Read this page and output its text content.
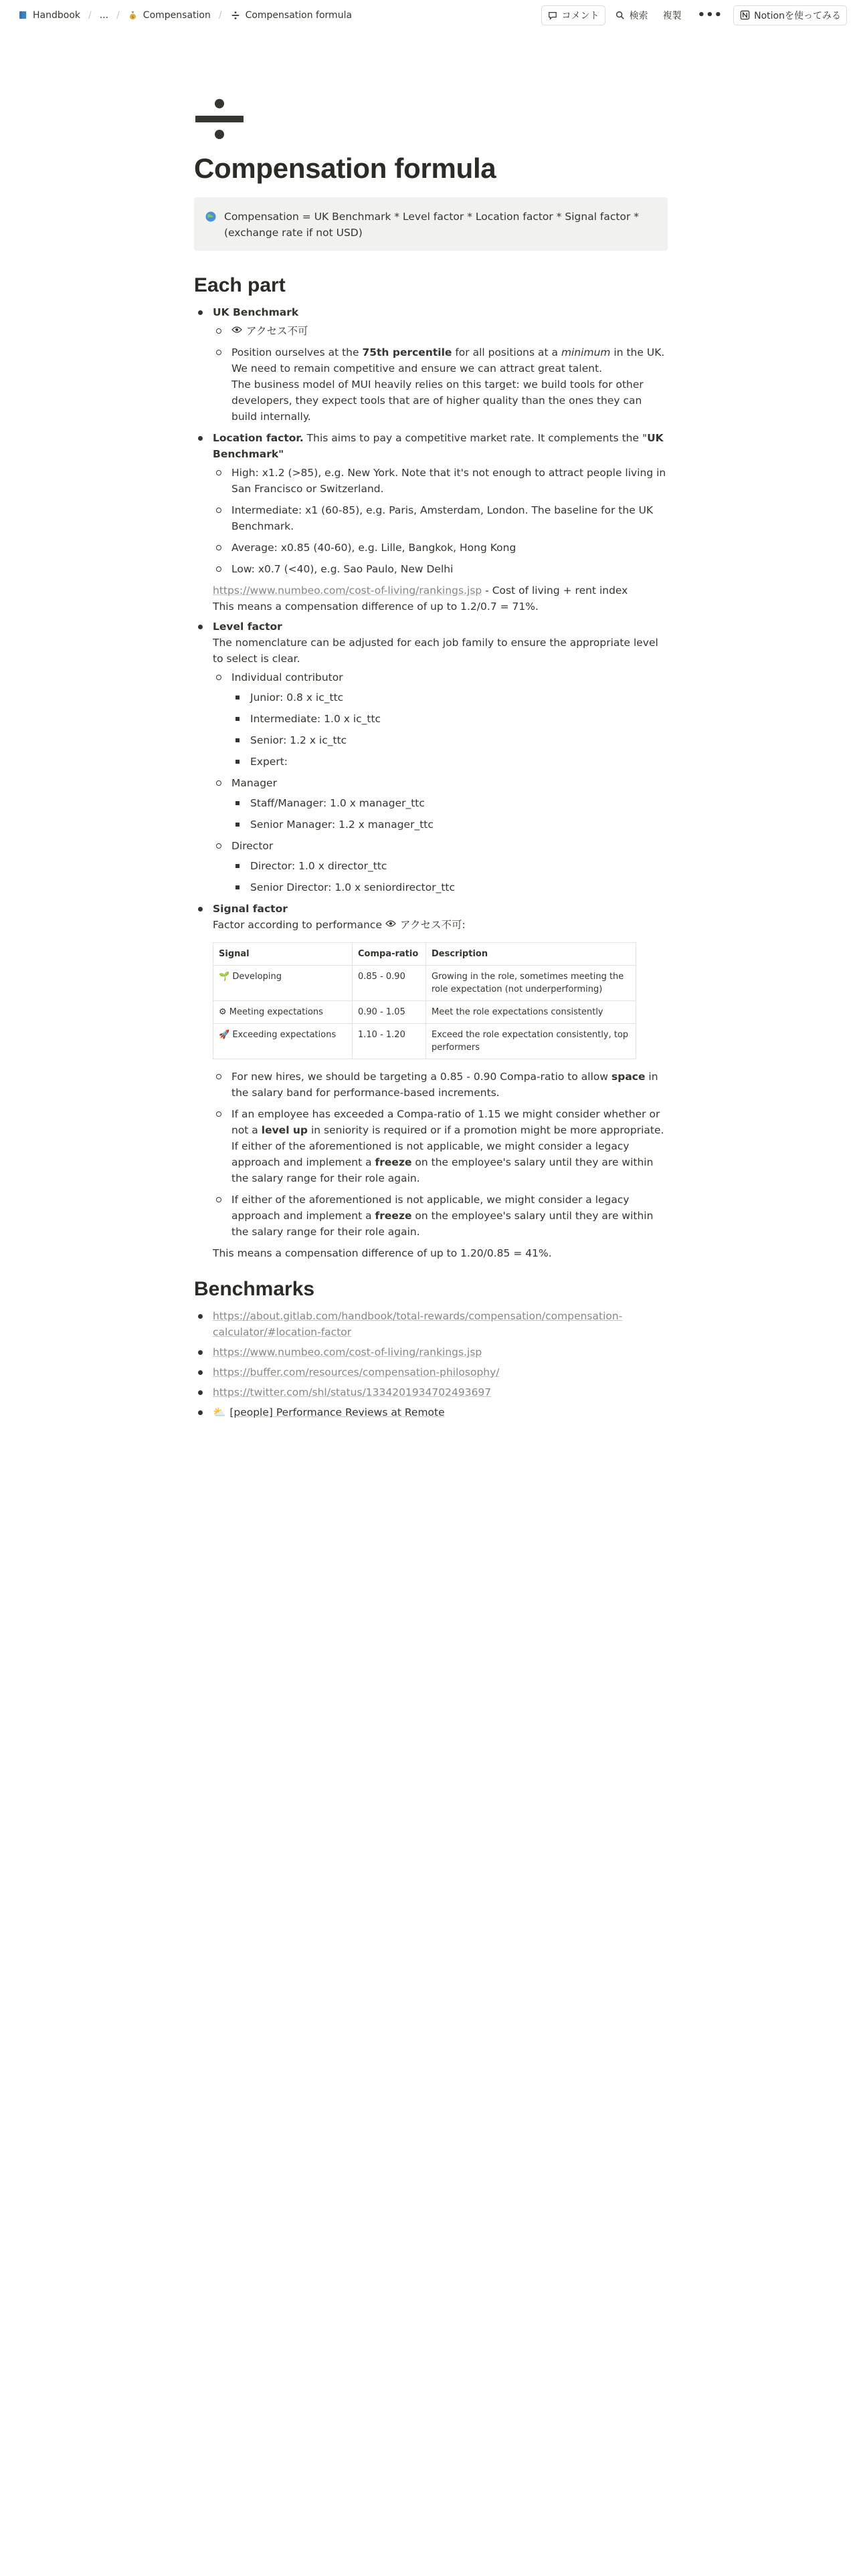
Handbook / ... /	$ Compensation /	Compensation formula	コメント	検索 複製 •••	Notionを使ってみる
Compensation formula
Compensation = UK Benchmark * Level factor * Location factor * Signal factor * (exchange rate if not USD)
Each part
UK Benchmark
アクセス不可
Position ourselves at the 75th percentile for all positions at a minimum in the UK. We need to remain competitive and ensure we can attract great talent.
The business model of MUI heavily relies on this target: we build tools for other developers, they expect tools that are of higher quality than the ones they can build internally.
Location factor. This aims to pay a competitive market rate. It complements the "UK Benchmark"
High: x1.2 (>85), e.g. New York. Note that it's not enough to attract people living in San Francisco or Switzerland.
Intermediate: x1 (60-85), e.g. Paris, Amsterdam, London. The baseline for the UK Benchmark.
Average: x0.85 (40-60), e.g. Lille, Bangkok, Hong Kong
Low: x0.7 (<40), e.g. Sao Paulo, New Delhi
https://www.numbeo.com/cost-of-living/rankings.jsp - Cost of living + rent index
This means a compensation difference of up to 1.2/0.7 = 71%.
Level factor
The nomenclature can be adjusted for each job family to ensure the appropriate level to select is clear.
Individual contributor
Junior: 0.8 x ic_ttc
Intermediate: 1.0 x ic_ttc
Senior: 1.2 x ic_ttc
Expert:
Manager
Staff/Manager: 1.0 x manager_ttc
Senior Manager: 1.2 x manager_ttc
Director
Director: 1.0 x director_ttc
Senior Director: 1.0 x seniordirector_ttc
Signal factor
Factor according to performance アクセス不可:
Signal	Compa-ratio	Description
🌱 Developing	0.85 - 0.90	Growing in the role, sometimes meeting the role expectation (not underperforming)
⚙ Meeting expectations	0.90 - 1.05	Meet the role expectations consistently
🚀 Exceeding expectations	1.10 - 1.20	Exceed the role expectation consistently, top performers
For new hires, we should be targeting a 0.85 - 0.90 Compa-ratio to allow space in the salary band for performance-based increments.
If an employee has exceeded a Compa-ratio of 1.15 we might consider whether or not a level up in seniority is required or if a promotion might be more appropriate. If either of the aforementioned is not applicable, we might consider a legacy approach and implement a freeze on the employee's salary until they are within the salary range for their role again.
If either of the aforementioned is not applicable, we might consider a legacy approach and implement a freeze on the employee's salary until they are within the salary range for their role again.
This means a compensation difference of up to 1.20/0.85 = 41%.
Benchmarks
https://about.gitlab.com/handbook/total-rewards/compensation/compensation-calculator/#location-factor
https://www.numbeo.com/cost-of-living/rankings.jsp
https://buffer.com/resources/compensation-philosophy/
https://twitter.com/shl/status/1334201934702493697
⛅ [people] Performance Reviews at Remote
